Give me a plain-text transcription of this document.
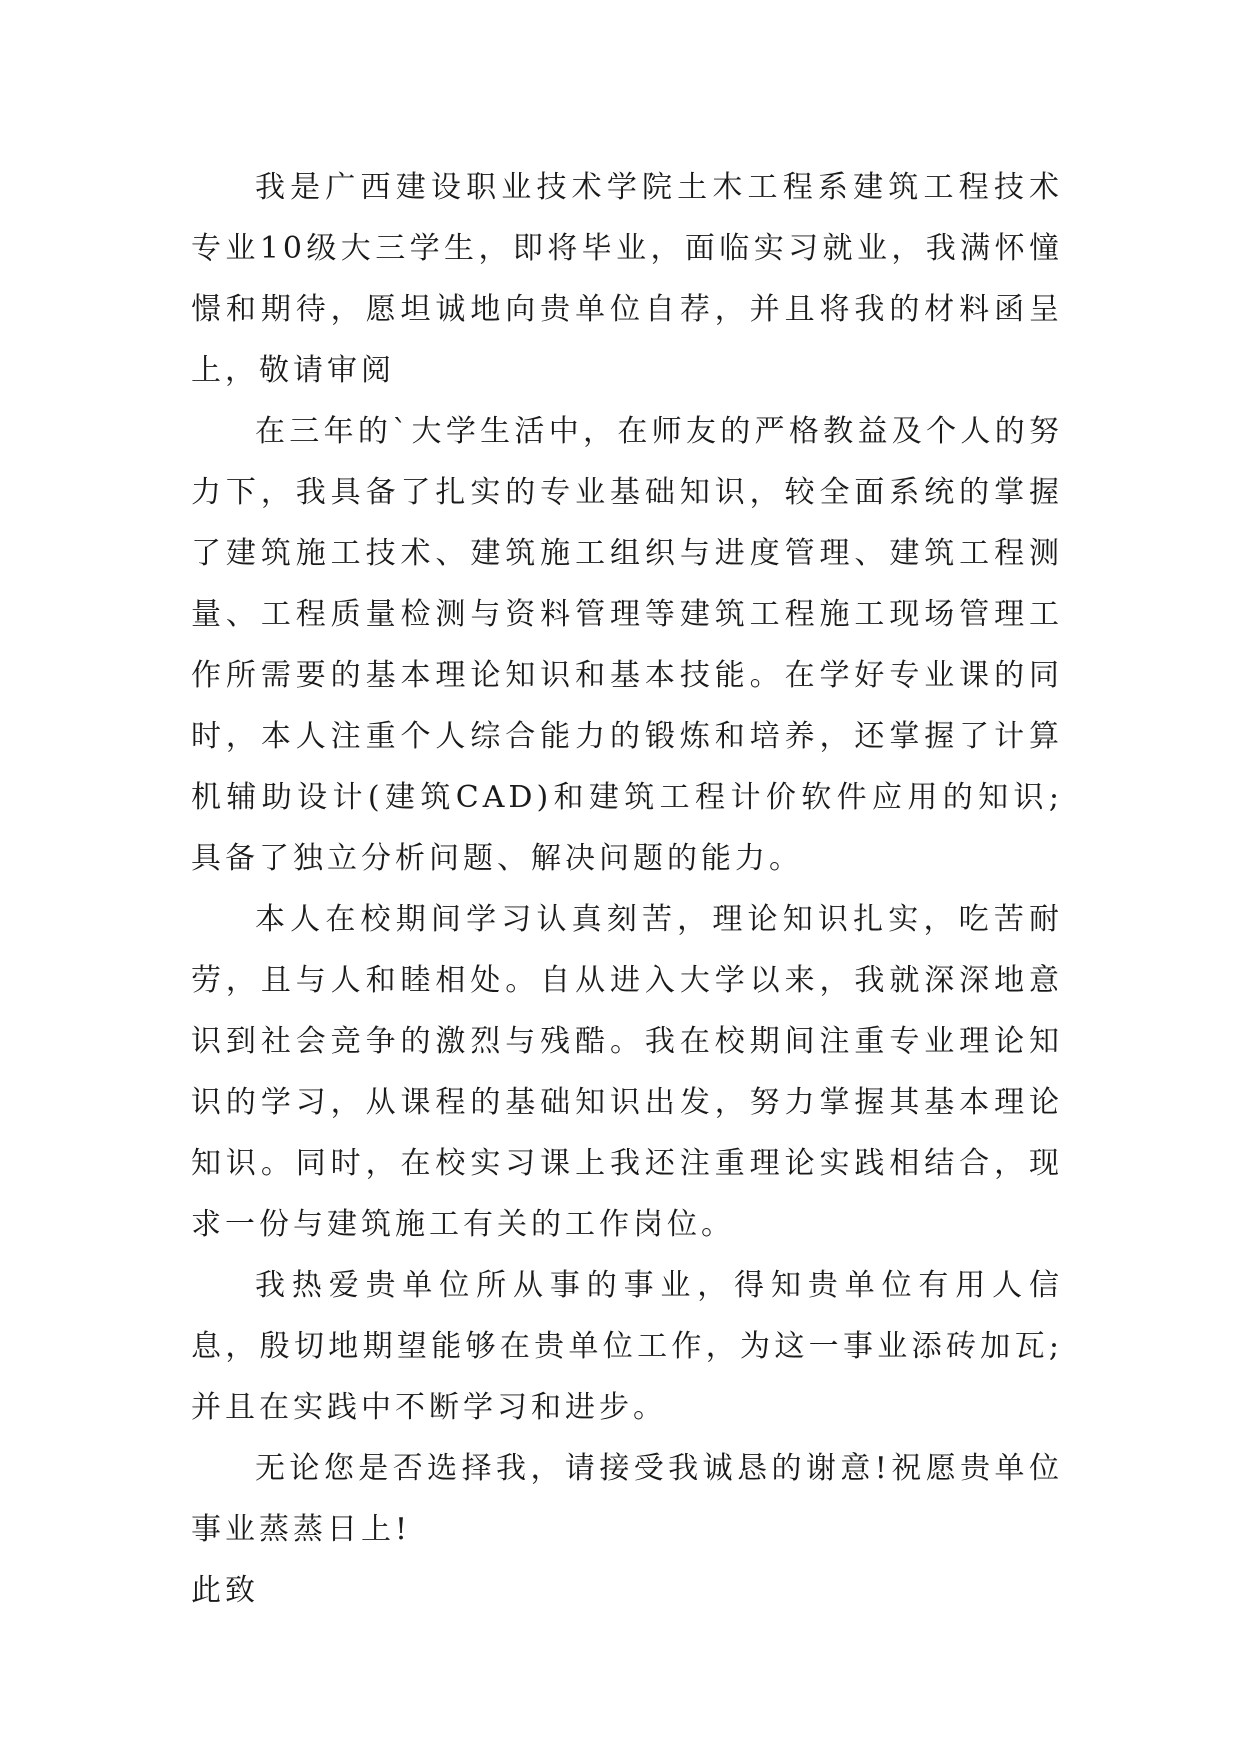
我是广西建设职业技术学院土木工程系建筑工程技术专业10级大三学生，即将毕业，面临实习就业，我满怀憧憬和期待，愿坦诚地向贵单位自荐，并且将我的材料函呈上，敬请审阅

在三年的`大学生活中，在师友的严格教益及个人的努力下，我具备了扎实的专业基础知识，较全面系统的掌握了建筑施工技术、建筑施工组织与进度管理、建筑工程测量、工程质量检测与资料管理等建筑工程施工现场管理工作所需要的基本理论知识和基本技能。在学好专业课的同时，本人注重个人综合能力的锻炼和培养，还掌握了计算机辅助设计(建筑CAD)和建筑工程计价软件应用的知识;具备了独立分析问题、解决问题的能力。

本人在校期间学习认真刻苦，理论知识扎实，吃苦耐劳，且与人和睦相处。自从进入大学以来，我就深深地意识到社会竞争的激烈与残酷。我在校期间注重专业理论知识的学习，从课程的基础知识出发，努力掌握其基本理论知识。同时，在校实习课上我还注重理论实践相结合，现求一份与建筑施工有关的工作岗位。

我热爱贵单位所从事的事业，得知贵单位有用人信息，殷切地期望能够在贵单位工作，为这一事业添砖加瓦;并且在实践中不断学习和进步。

无论您是否选择我，请接受我诚恳的谢意!祝愿贵单位事业蒸蒸日上!

此致
